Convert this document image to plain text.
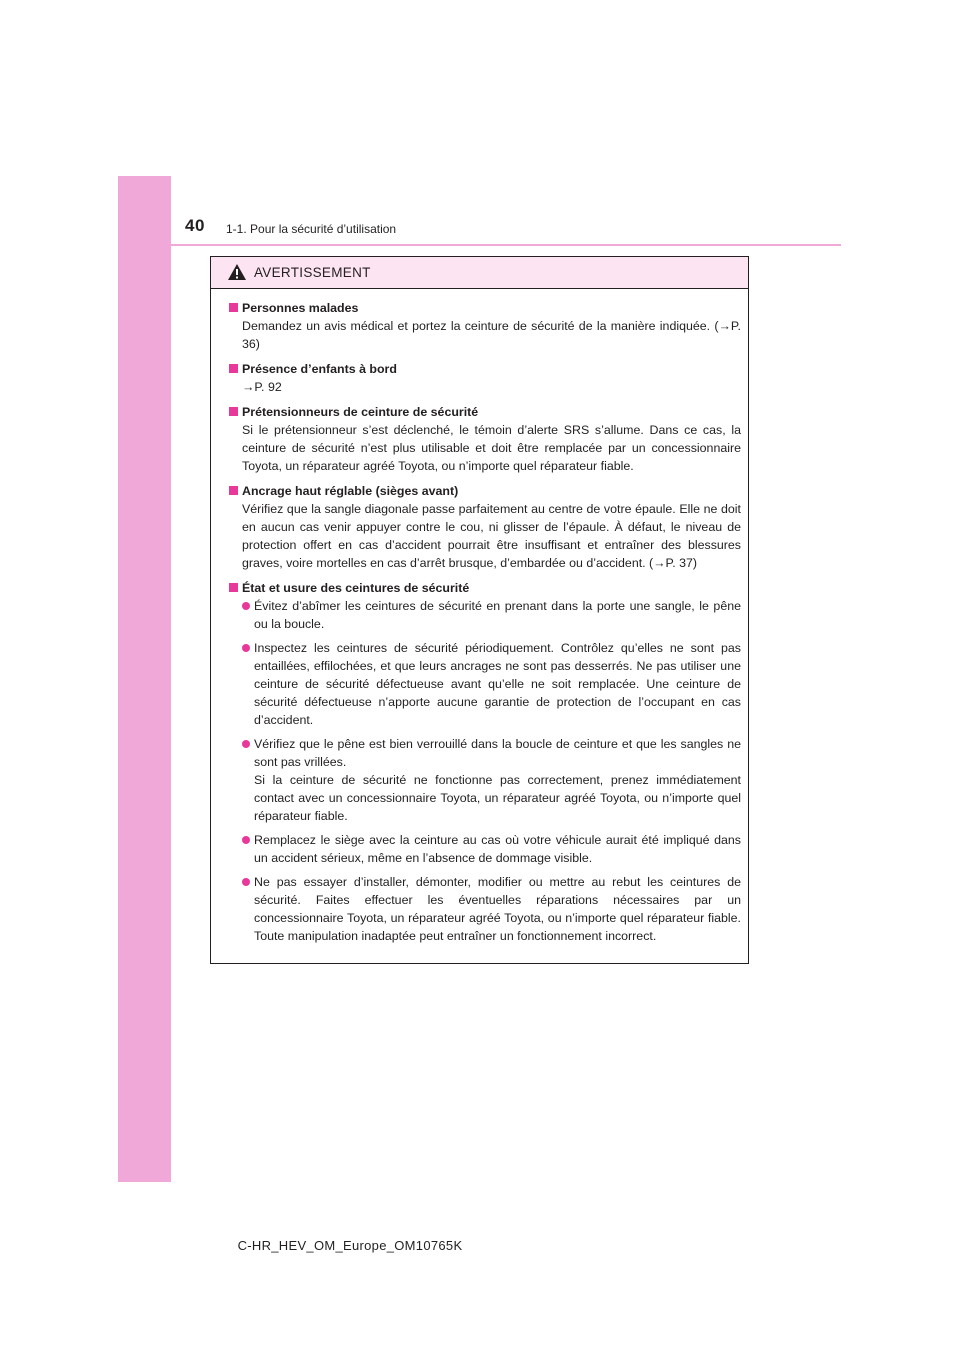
40 1-1. Pour la sécurité d’utilisation
AVERTISSEMENT
Personnes malades
Demandez un avis médical et portez la ceinture de sécurité de la manière indiquée. (→P. 36)
Présence d’enfants à bord
→P. 92
Prétensionneurs de ceinture de sécurité
Si le prétensionneur s’est déclenché, le témoin d’alerte SRS s’allume. Dans ce cas, la ceinture de sécurité n’est plus utilisable et doit être remplacée par un concessionnaire Toyota, un réparateur agréé Toyota, ou n’importe quel réparateur fiable.
Ancrage haut réglable (sièges avant)
Vérifiez que la sangle diagonale passe parfaitement au centre de votre épaule. Elle ne doit en aucun cas venir appuyer contre le cou, ni glisser de l’épaule. À défaut, le niveau de protection offert en cas d’accident pourrait être insuffisant et entraîner des blessures graves, voire mortelles en cas d’arrêt brusque, d’embardée ou d’accident. (→P. 37)
État et usure des ceintures de sécurité
Évitez d’abîmer les ceintures de sécurité en prenant dans la porte une sangle, le pêne ou la boucle.
Inspectez les ceintures de sécurité périodiquement. Contrôlez qu’elles ne sont pas entaillées, effilochées, et que leurs ancrages ne sont pas desserrés. Ne pas utiliser une ceinture de sécurité défectueuse avant qu’elle ne soit remplacée. Une ceinture de sécurité défectueuse n’apporte aucune garantie de protection de l’occupant en cas d’accident.
Vérifiez que le pêne est bien verrouillé dans la boucle de ceinture et que les sangles ne sont pas vrillées.
Si la ceinture de sécurité ne fonctionne pas correctement, prenez immédiatement contact avec un concessionnaire Toyota, un réparateur agréé Toyota, ou n’importe quel réparateur fiable.
Remplacez le siège avec la ceinture au cas où votre véhicule aurait été impliqué dans un accident sérieux, même en l’absence de dommage visible.
Ne pas essayer d’installer, démonter, modifier ou mettre au rebut les ceintures de sécurité. Faites effectuer les éventuelles réparations nécessaires par un concessionnaire Toyota, un réparateur agréé Toyota, ou n’importe quel réparateur fiable. Toute manipulation inadaptée peut entraîner un fonctionnement incorrect.
C-HR_HEV_OM_Europe_OM10765K
